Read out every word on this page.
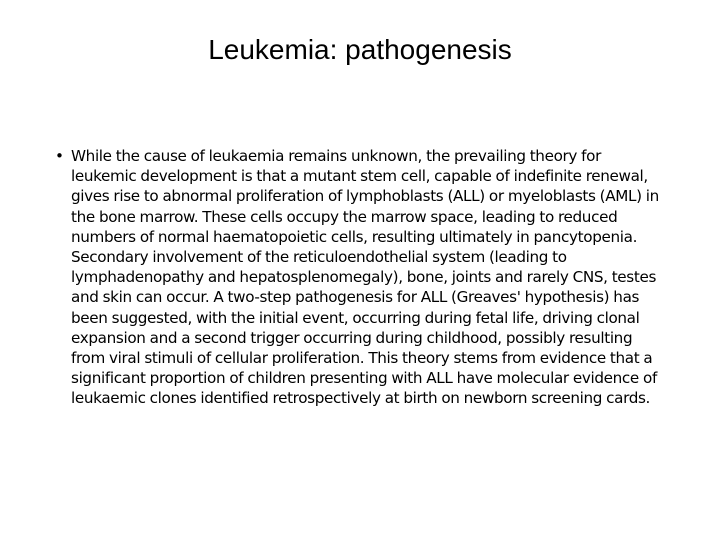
Leukemia: pathogenesis
• While the cause of leukaemia remains unknown, the prevailing theory for leukemic development is that a mutant stem cell, capable of indefinite renewal, gives rise to abnormal proliferation of lymphoblasts (ALL) or myeloblasts (AML) in the bone marrow. These cells occupy the marrow space, leading to reduced numbers of normal haematopoietic cells, resulting ultimately in pancytopenia. Secondary involvement of the reticuloendothelial system (leading to lymphadenopathy and hepatosplenomegaly), bone, joints and rarely CNS, testes and skin can occur. A two-step pathogenesis for ALL (Greaves' hypothesis) has been suggested, with the initial event, occurring during fetal life, driving clonal expansion and a second trigger occurring during childhood, possibly resulting from viral stimuli of cellular proliferation. This theory stems from evidence that a significant proportion of children presenting with ALL have molecular evidence of leukaemic clones identified retrospectively at birth on newborn screening cards.
